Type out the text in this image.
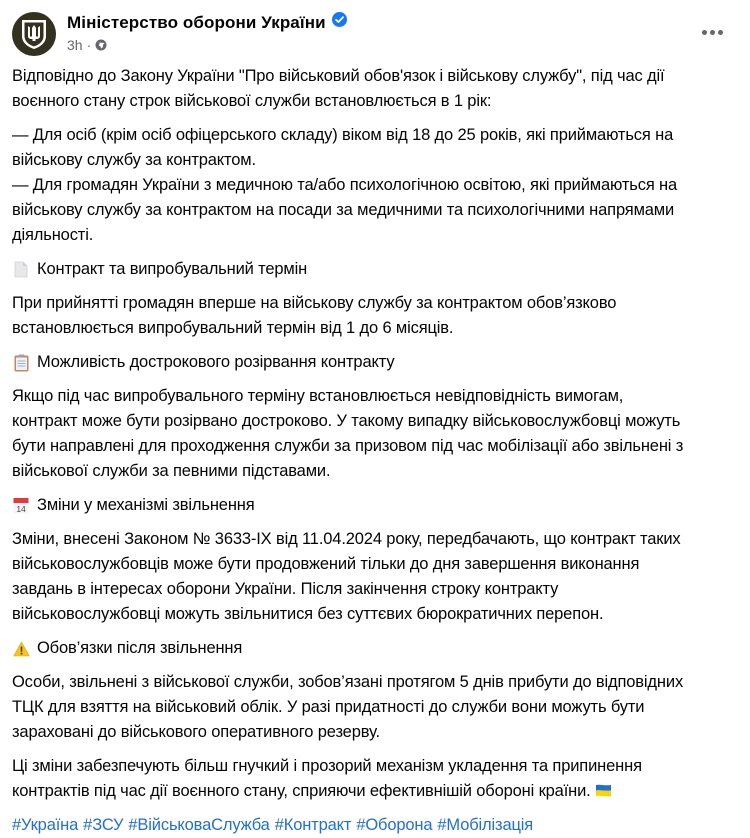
Міністерство оборони України
3h ·
Відповідно до Закону України "Про військовий обов'язок і військову службу", під час дії
воєнного стану строк військової служби встановлюється в 1 рік:
— Для осіб (крім осіб офіцерського складу) віком від 18 до 25 років, які приймаються на
військову службу за контрактом.
— Для громадян України з медичною та/або психологічною освітою, які приймаються на
військову службу за контрактом на посади за медичними та психологічними напрямами
діяльності.
Контракт та випробувальний термін
При прийнятті громадян вперше на військову службу за контрактом обов’язково
встановлюється випробувальний термін від 1 до 6 місяців.
Можливість дострокового розірвання контракту
Якщо під час випробувального терміну встановлюється невідповідність вимогам,
контракт може бути розірвано достроково. У такому випадку військовослужбовці можуть
бути направлені для проходження служби за призовом під час мобілізації або звільнені з
військової служби за певними підставами.
14 Зміни у механізмі звільнення
Зміни, внесені Законом № 3633-IX від 11.04.2024 року, передбачають, що контракт таких
військовослужбовців може бути продовжений тільки до дня завершення виконання
завдань в інтересах оборони України. Після закінчення строку контракту
військовослужбовці можуть звільнитися без суттєвих бюрократичних перепон.
Обов’язки після звільнення
Особи, звільнені з військової служби, зобов’язані протягом 5 днів прибути до відповідних
ТЦК для взяття на військовий облік. У разі придатності до служби вони можуть бути
зараховані до військового оперативного резерву.
Ці зміни забезпечують більш гнучкий і прозорий механізм укладення та припинення
контрактів під час дії воєнного стану, сприяючи ефективнішій обороні країни.
#Україна #ЗСУ #ВійськоваСлужба #Контракт #Оборона #Мобілізація
